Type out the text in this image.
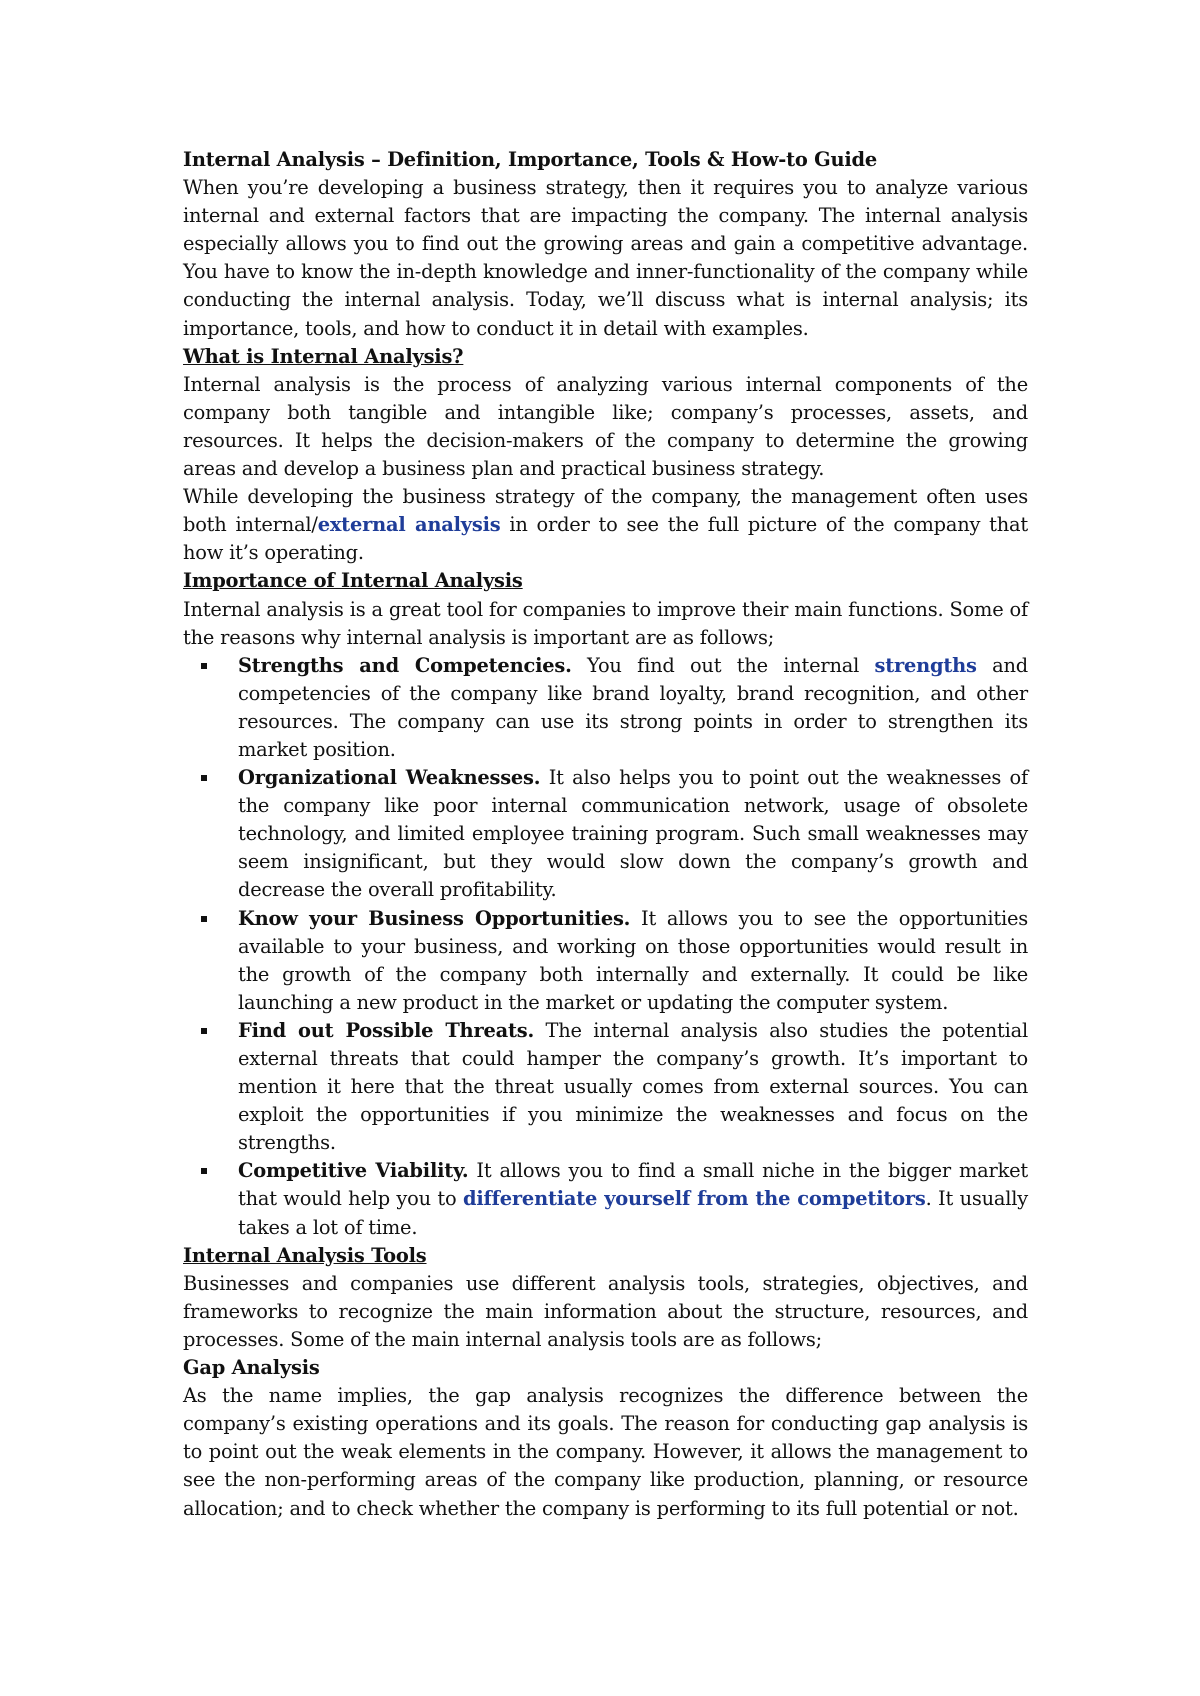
Internal Analysis – Definition, Importance, Tools & How-to Guide

When you’re developing a business strategy, then it requires you to analyze various internal and external factors that are impacting the company. The internal analysis especially allows you to find out the growing areas and gain a competitive advantage. You have to know the in-depth knowledge and inner-functionality of the company while conducting the internal analysis. Today, we’ll discuss what is internal analysis; its importance, tools, and how to conduct it in detail with examples.

What is Internal Analysis?

Internal analysis is the process of analyzing various internal components of the company both tangible and intangible like; company’s processes, assets, and resources. It helps the decision-makers of the company to determine the growing areas and develop a business plan and practical business strategy.

While developing the business strategy of the company, the management often uses both internal/external analysis in order to see the full picture of the company that how it’s operating.

Importance of Internal Analysis

Internal analysis is a great tool for companies to improve their main functions. Some of the reasons why internal analysis is important are as follows;

Strengths and Competencies. You find out the internal strengths and competencies of the company like brand loyalty, brand recognition, and other resources. The company can use its strong points in order to strengthen its market position.
Organizational Weaknesses. It also helps you to point out the weaknesses of the company like poor internal communication network, usage of obsolete technology, and limited employee training program. Such small weaknesses may seem insignificant, but they would slow down the company’s growth and decrease the overall profitability.
Know your Business Opportunities. It allows you to see the opportunities available to your business, and working on those opportunities would result in the growth of the company both internally and externally. It could be like launching a new product in the market or updating the computer system.
Find out Possible Threats. The internal analysis also studies the potential external threats that could hamper the company’s growth. It’s important to mention it here that the threat usually comes from external sources. You can exploit the opportunities if you minimize the weaknesses and focus on the strengths.
Competitive Viability. It allows you to find a small niche in the bigger market that would help you to differentiate yourself from the competitors. It usually takes a lot of time.

Internal Analysis Tools

Businesses and companies use different analysis tools, strategies, objectives, and frameworks to recognize the main information about the structure, resources, and processes. Some of the main internal analysis tools are as follows;

Gap Analysis

As the name implies, the gap analysis recognizes the difference between the company’s existing operations and its goals. The reason for conducting gap analysis is to point out the weak elements in the company. However, it allows the management to see the non-performing areas of the company like production, planning, or resource allocation; and to check whether the company is performing to its full potential or not.
